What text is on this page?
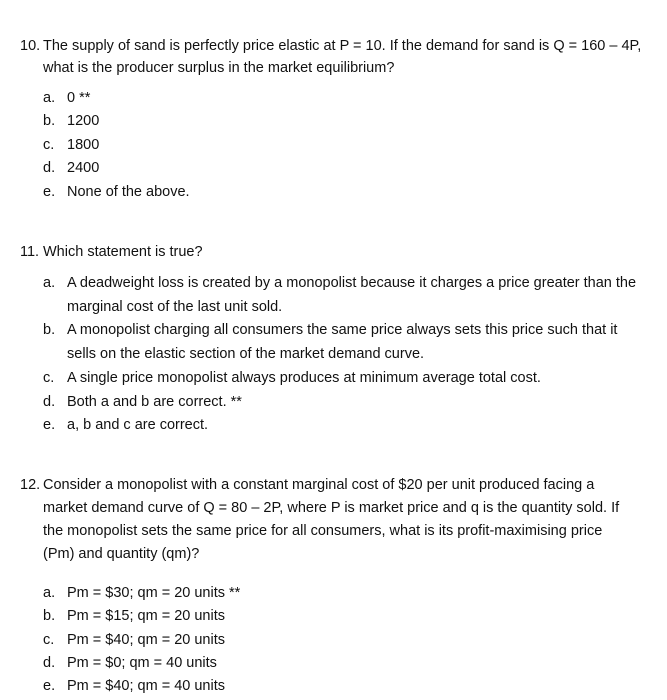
10. The supply of sand is perfectly price elastic at P = 10. If the demand for sand is Q = 160 – 4P,
what is the producer surplus in the market equilibrium?
a. 0 **
b. 1200
c. 1800
d. 2400
e. None of the above.
11. Which statement is true?
a. A deadweight loss is created by a monopolist because it charges a price greater than the
marginal cost of the last unit sold.
b. A monopolist charging all consumers the same price always sets this price such that it
sells on the elastic section of the market demand curve.
c. A single price monopolist always produces at minimum average total cost.
d. Both a and b are correct. **
e. a, b and c are correct.
12. Consider a monopolist with a constant marginal cost of $20 per unit produced facing a
market demand curve of Q = 80 – 2P, where P is market price and q is the quantity sold. If
the monopolist sets the same price for all consumers, what is its profit-maximising price
(Pm) and quantity (qm)?
a. Pm = $30; qm = 20 units **
b. Pm = $15; qm = 20 units
c. Pm = $40; qm = 20 units
d. Pm = $0; qm = 40 units
e. Pm = $40; qm = 40 units
